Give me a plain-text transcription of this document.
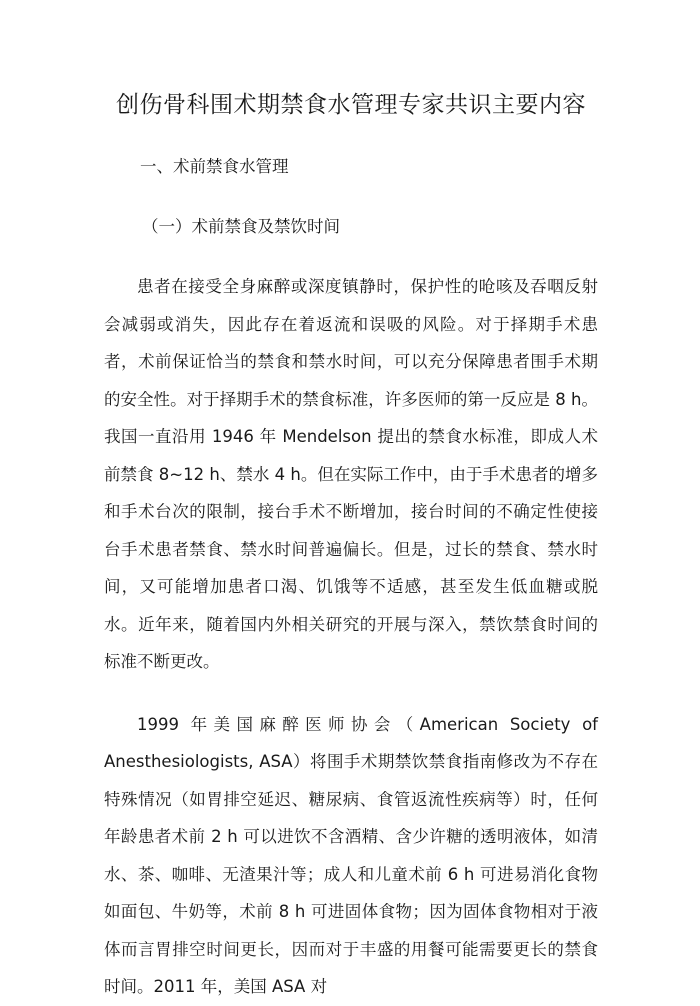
创伤骨科围术期禁食水管理专家共识主要内容
一、术前禁食水管理
（一）术前禁食及禁饮时间

患者在接受全身麻醉或深度镇静时，保护性的呛咳及吞咽反射会减弱或消失，因此存在着返流和误吸的风险。对于择期手术患者，术前保证恰当的禁食和禁水时间，可以充分保障患者围手术期的安全性。对于择期手术的禁食标准，许多医师的第一反应是 8 h。我国一直沿用 1946 年 Mendelson 提出的禁食水标准，即成人术前禁食 8~12 h、禁水 4 h。但在实际工作中，由于手术患者的增多和手术台次的限制，接台手术不断增加，接台时间的不确定性使接台手术患者禁食、禁水时间普遍偏长。但是，过长的禁食、禁水时间，又可能增加患者口渴、饥饿等不适感，甚至发生低血糖或脱水。近年来，随着国内外相关研究的开展与深入，禁饮禁食时间的标准不断更改。

1999 年美国麻醉医师协会（American Society of Anesthesiologists, ASA）将围手术期禁饮禁食指南修改为不存在特殊情况（如胃排空延迟、糖尿病、食管返流性疾病等）时，任何年龄患者术前 2 h 可以进饮不含酒精、含少许糖的透明液体，如清水、茶、咖啡、无渣果汁等；成人和儿童术前 6 h 可进易消化食物如面包、牛奶等，术前 8 h 可进固体食物；因为固体食物相对于液体而言胃排空时间更长，因而对于丰盛的用餐可能需要更长的禁食时间。2011 年，美国 ASA 对
